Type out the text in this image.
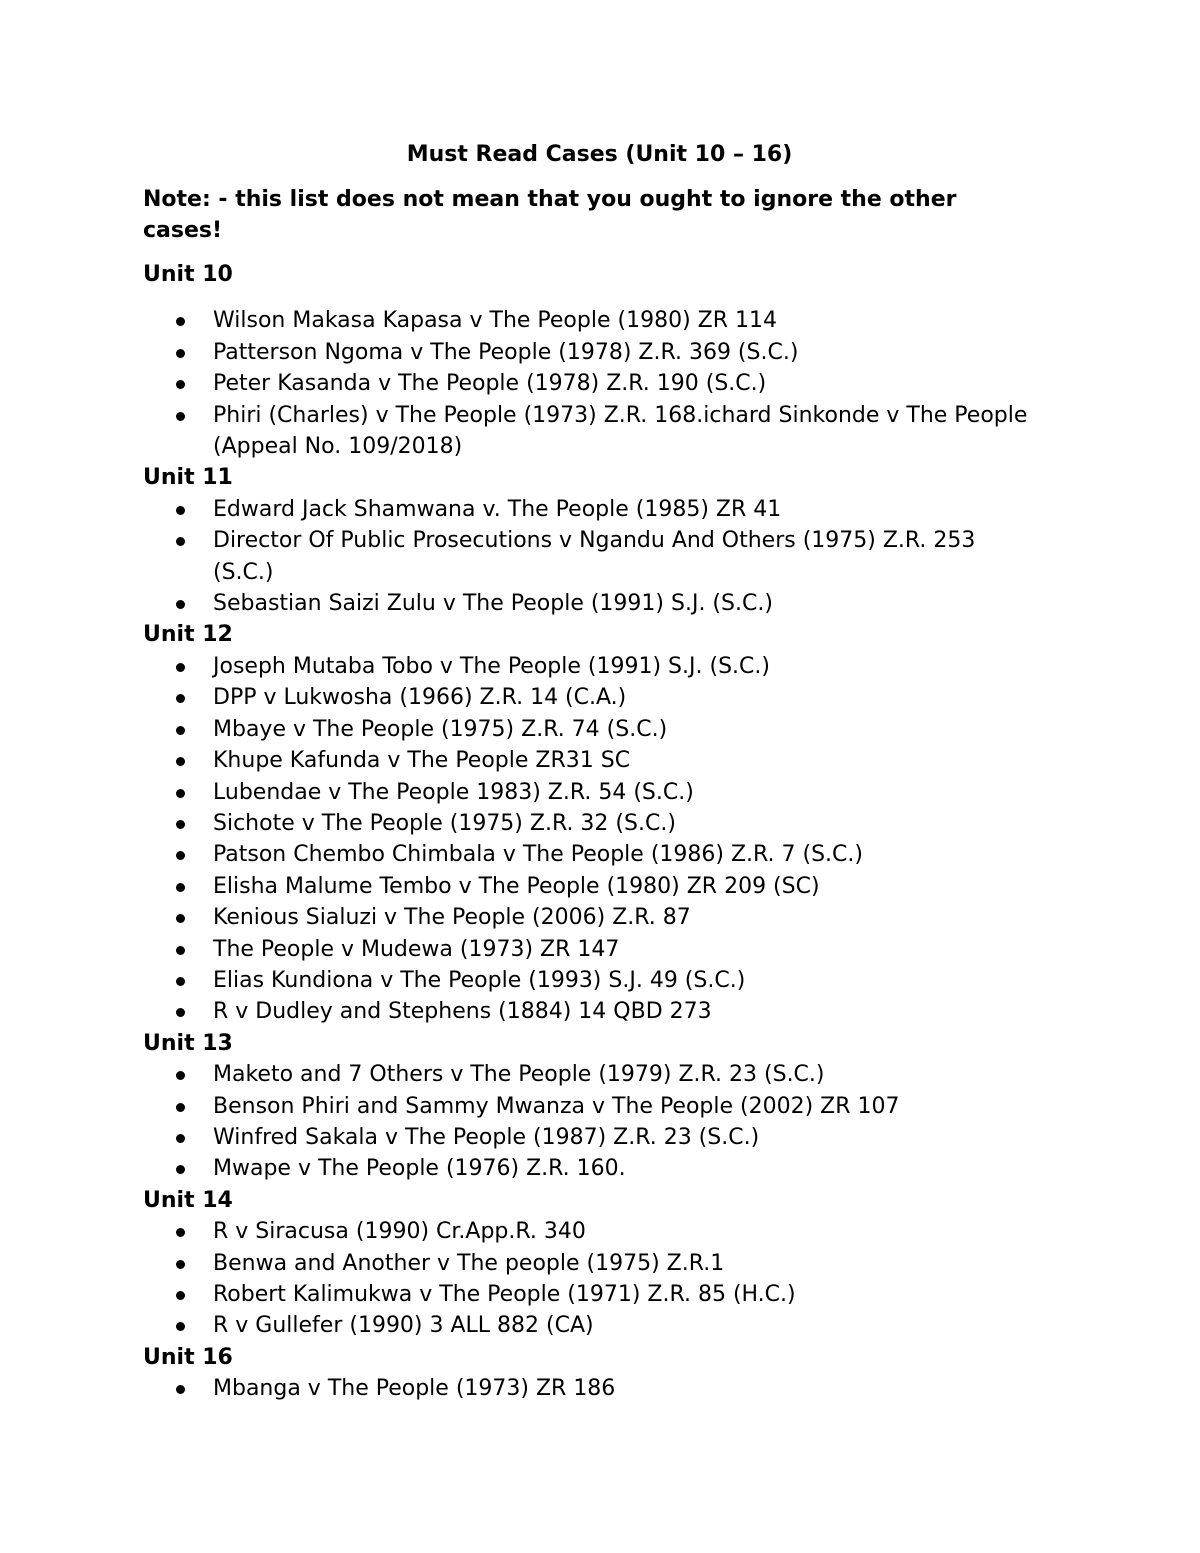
Must Read Cases (Unit 10 – 16)
Note: - this list does not mean that you ought to ignore the other cases!
Unit 10
Wilson Makasa Kapasa v The People (1980) ZR 114
Patterson Ngoma v The People (1978) Z.R. 369 (S.C.)
Peter Kasanda v The People (1978) Z.R. 190 (S.C.)
Phiri (Charles) v The People (1973) Z.R. 168.ichard Sinkonde v The People (Appeal No. 109/2018)
Unit 11
Edward Jack Shamwana v. The People (1985) ZR 41
Director Of Public Prosecutions v Ngandu And Others (1975) Z.R. 253 (S.C.)
Sebastian Saizi Zulu v The People (1991) S.J. (S.C.)
Unit 12
Joseph Mutaba Tobo v The People (1991) S.J. (S.C.)
DPP v Lukwosha (1966) Z.R. 14 (C.A.)
Mbaye v The People (1975) Z.R. 74 (S.C.)
Khupe Kafunda v The People ZR31 SC
Lubendae v The People 1983) Z.R. 54 (S.C.)
Sichote v The People (1975) Z.R. 32 (S.C.)
Patson Chembo Chimbala v The People (1986) Z.R. 7 (S.C.)
Elisha Malume Tembo v The People (1980) ZR 209 (SC)
Kenious Sialuzi v The People (2006) Z.R. 87
The People v Mudewa (1973) ZR 147
Elias Kundiona v The People (1993) S.J. 49 (S.C.)
R v Dudley and Stephens (1884) 14 QBD 273
Unit 13
Maketo and 7 Others v The People (1979) Z.R. 23 (S.C.)
Benson Phiri and Sammy Mwanza v The People (2002) ZR 107
Winfred Sakala v The People (1987) Z.R. 23 (S.C.)
Mwape v The People (1976) Z.R. 160.
Unit 14
R v Siracusa (1990) Cr.App.R. 340
Benwa and Another v The people (1975) Z.R.1
Robert Kalimukwa v The People (1971) Z.R. 85 (H.C.)
R v Gullefer (1990) 3 ALL 882 (CA)
Unit 16
Mbanga v The People (1973) ZR 186
